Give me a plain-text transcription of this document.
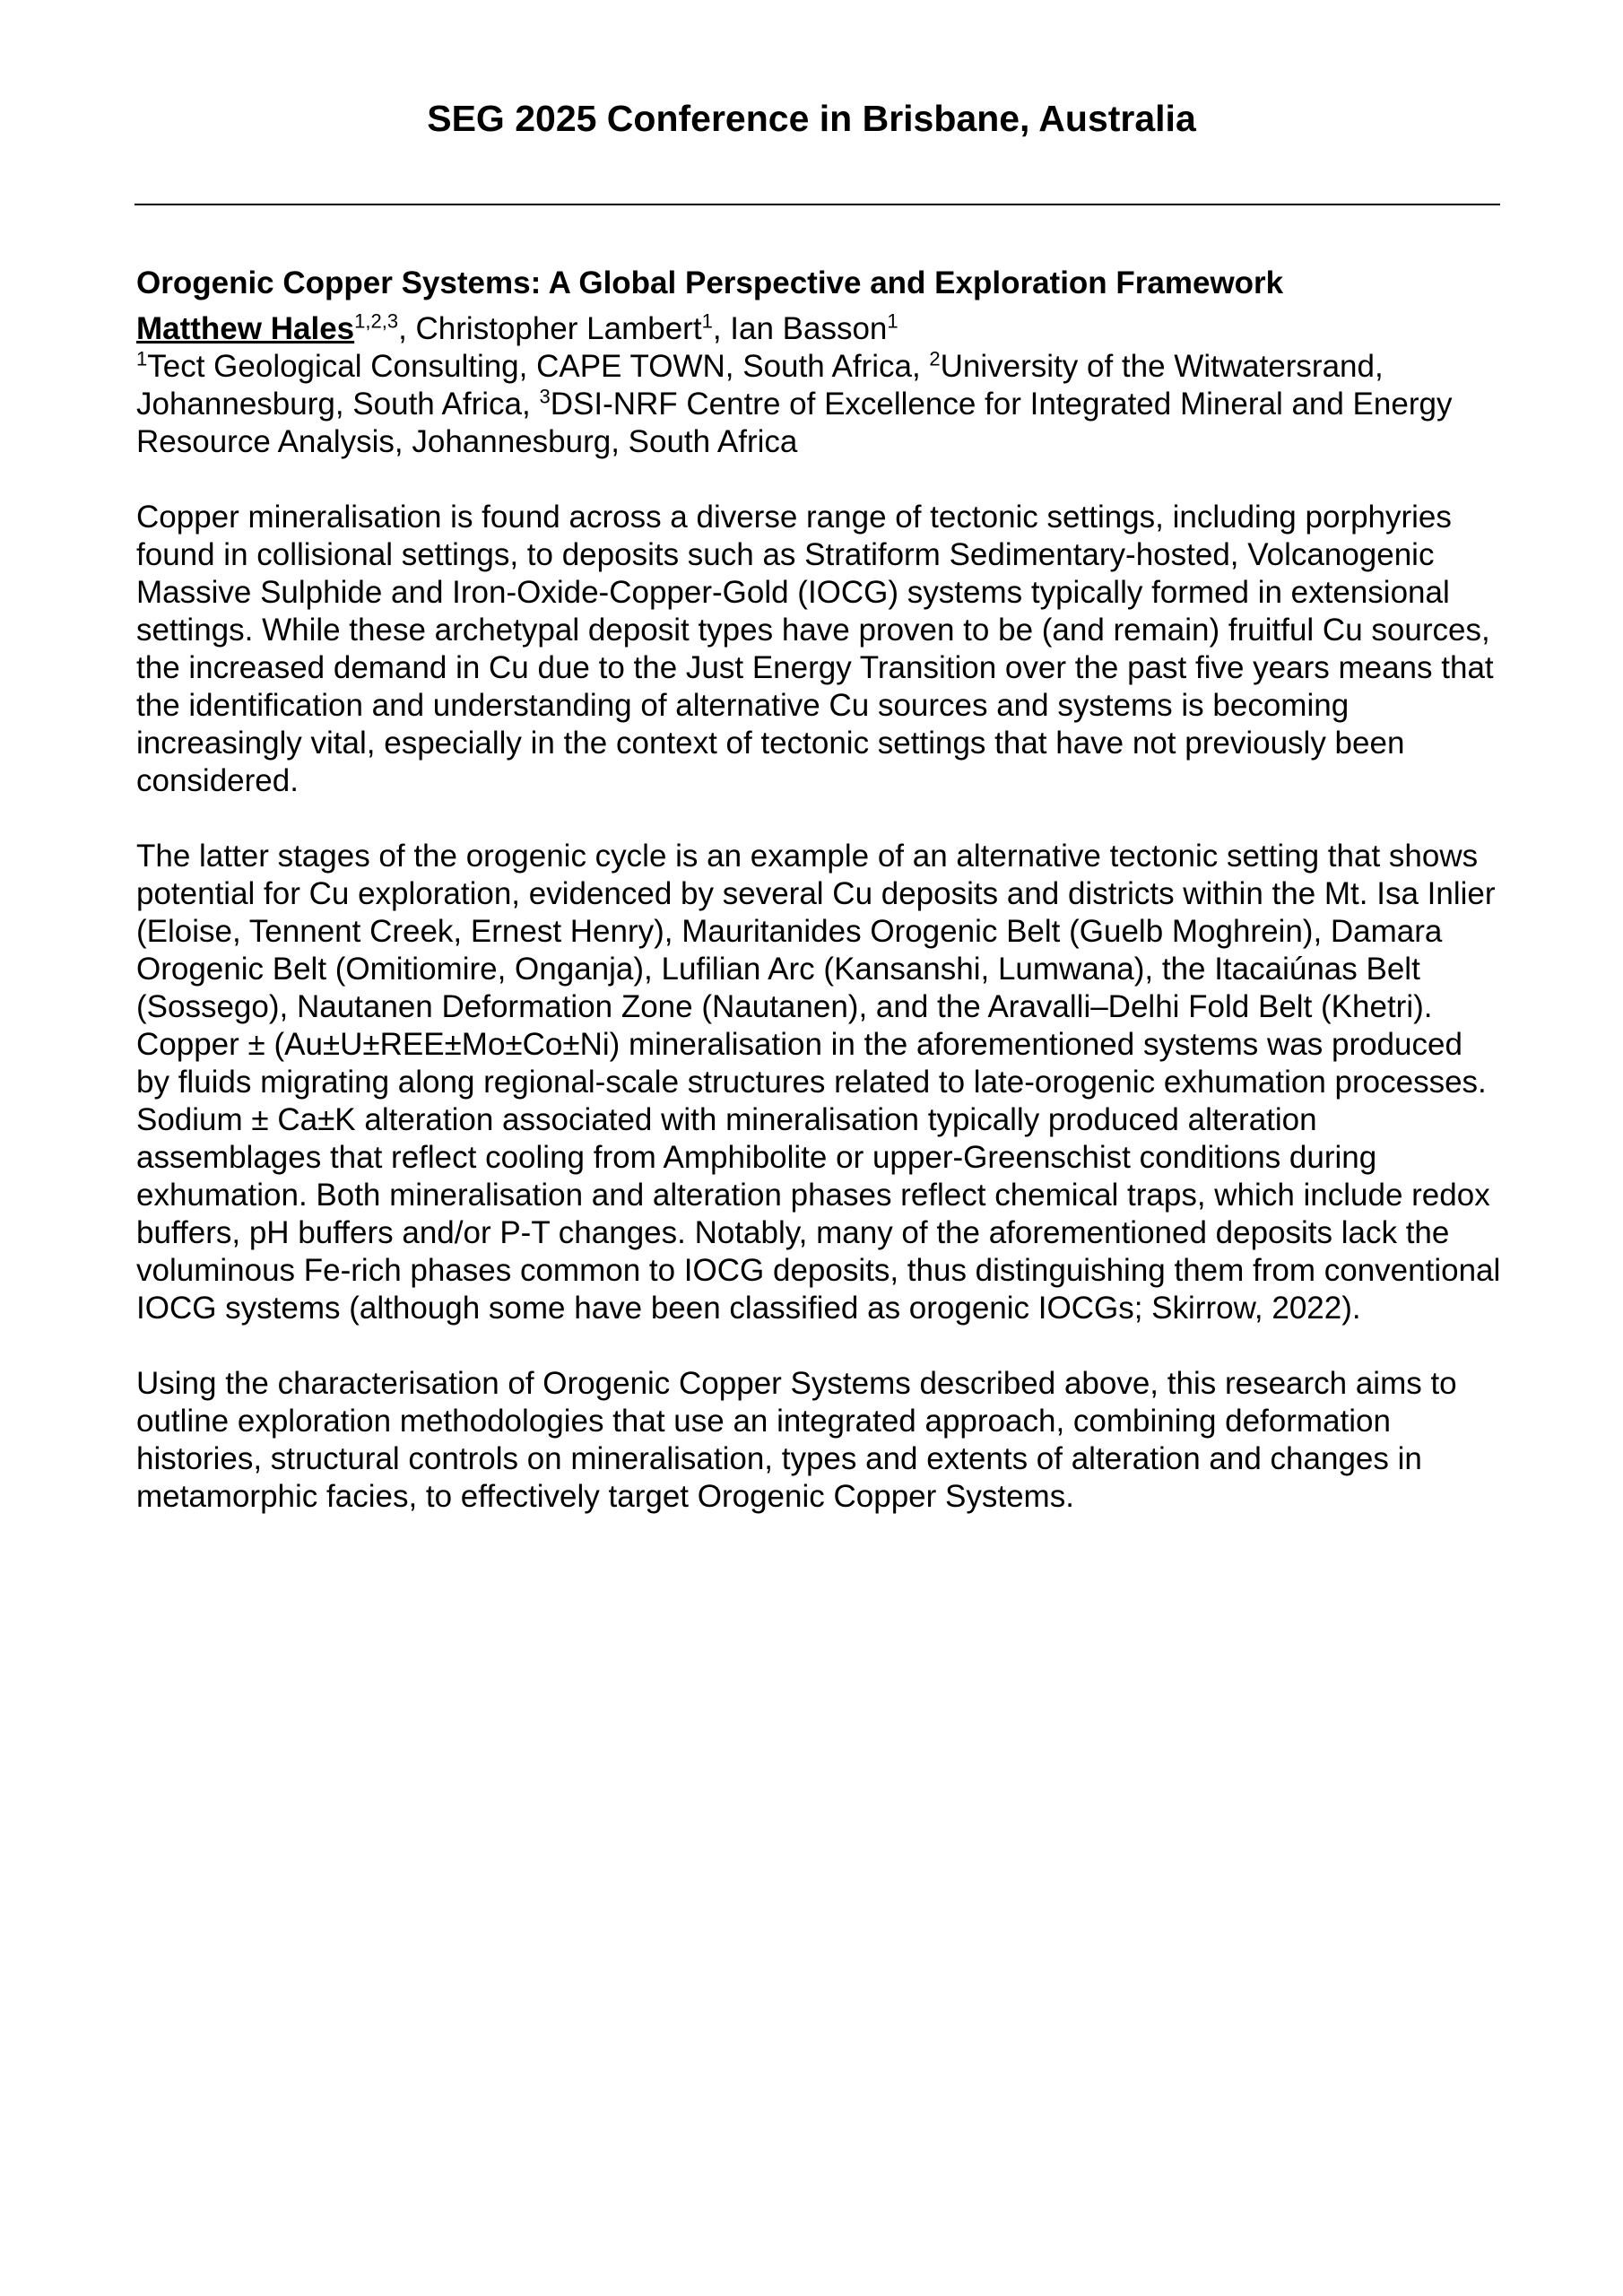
SEG 2025 Conference in Brisbane, Australia
Orogenic Copper Systems: A Global Perspective and Exploration Framework

Matthew Hales$^{1,2,3}$, Christopher Lambert$^1$, Ian Basson$^1$

$^1$Tect Geological Consulting, CAPE TOWN, South Africa, $^2$University of the Witwatersrand, Johannesburg, South Africa, $^3$DSI-NRF Centre of Excellence for Integrated Mineral and Energy Resource Analysis, Johannesburg, South Africa

Copper mineralisation is found across a diverse range of tectonic settings, including porphyries found in collisional settings, to deposits such as Stratiform Sedimentary-hosted, Volcanogenic Massive Sulphide and Iron-Oxide-Copper-Gold (IOCG) systems typically formed in extensional settings. While these archetypal deposit types have proven to be (and remain) fruitful Cu sources, the increased demand in Cu due to the Just Energy Transition over the past five years means that the identification and understanding of alternative Cu sources and systems is becoming increasingly vital, especially in the context of tectonic settings that have not previously been considered.

The latter stages of the orogenic cycle is an example of an alternative tectonic setting that shows potential for Cu exploration, evidenced by several Cu deposits and districts within the Mt. Isa Inlier (Eloise, Tennent Creek, Ernest Henry), Mauritanides Orogenic Belt (Guelb Moghrein), Damara Orogenic Belt (Omitiomire, Onganja), Lufilian Arc (Kansanshi, Lumwana), the Itacaiúnas Belt (Sossego), Nautanen Deformation Zone (Nautanen), and the Aravalli–Delhi Fold Belt (Khetri). Copper ± (Au±U±REE±Mo±Co±Ni) mineralisation in the aforementioned systems was produced by fluids migrating along regional-scale structures related to late-orogenic exhumation processes. Sodium ± Ca±K alteration associated with mineralisation typically produced alteration assemblages that reflect cooling from Amphibolite or upper-Greenschist conditions during exhumation. Both mineralisation and alteration phases reflect chemical traps, which include redox buffers, pH buffers and/or P-T changes. Notably, many of the aforementioned deposits lack the voluminous Fe-rich phases common to IOCG deposits, thus distinguishing them from conventional IOCG systems (although some have been classified as orogenic IOCGs; Skirrow, 2022).

Using the characterisation of Orogenic Copper Systems described above, this research aims to outline exploration methodologies that use an integrated approach, combining deformation histories, structural controls on mineralisation, types and extents of alteration and changes in metamorphic facies, to effectively target Orogenic Copper Systems.
